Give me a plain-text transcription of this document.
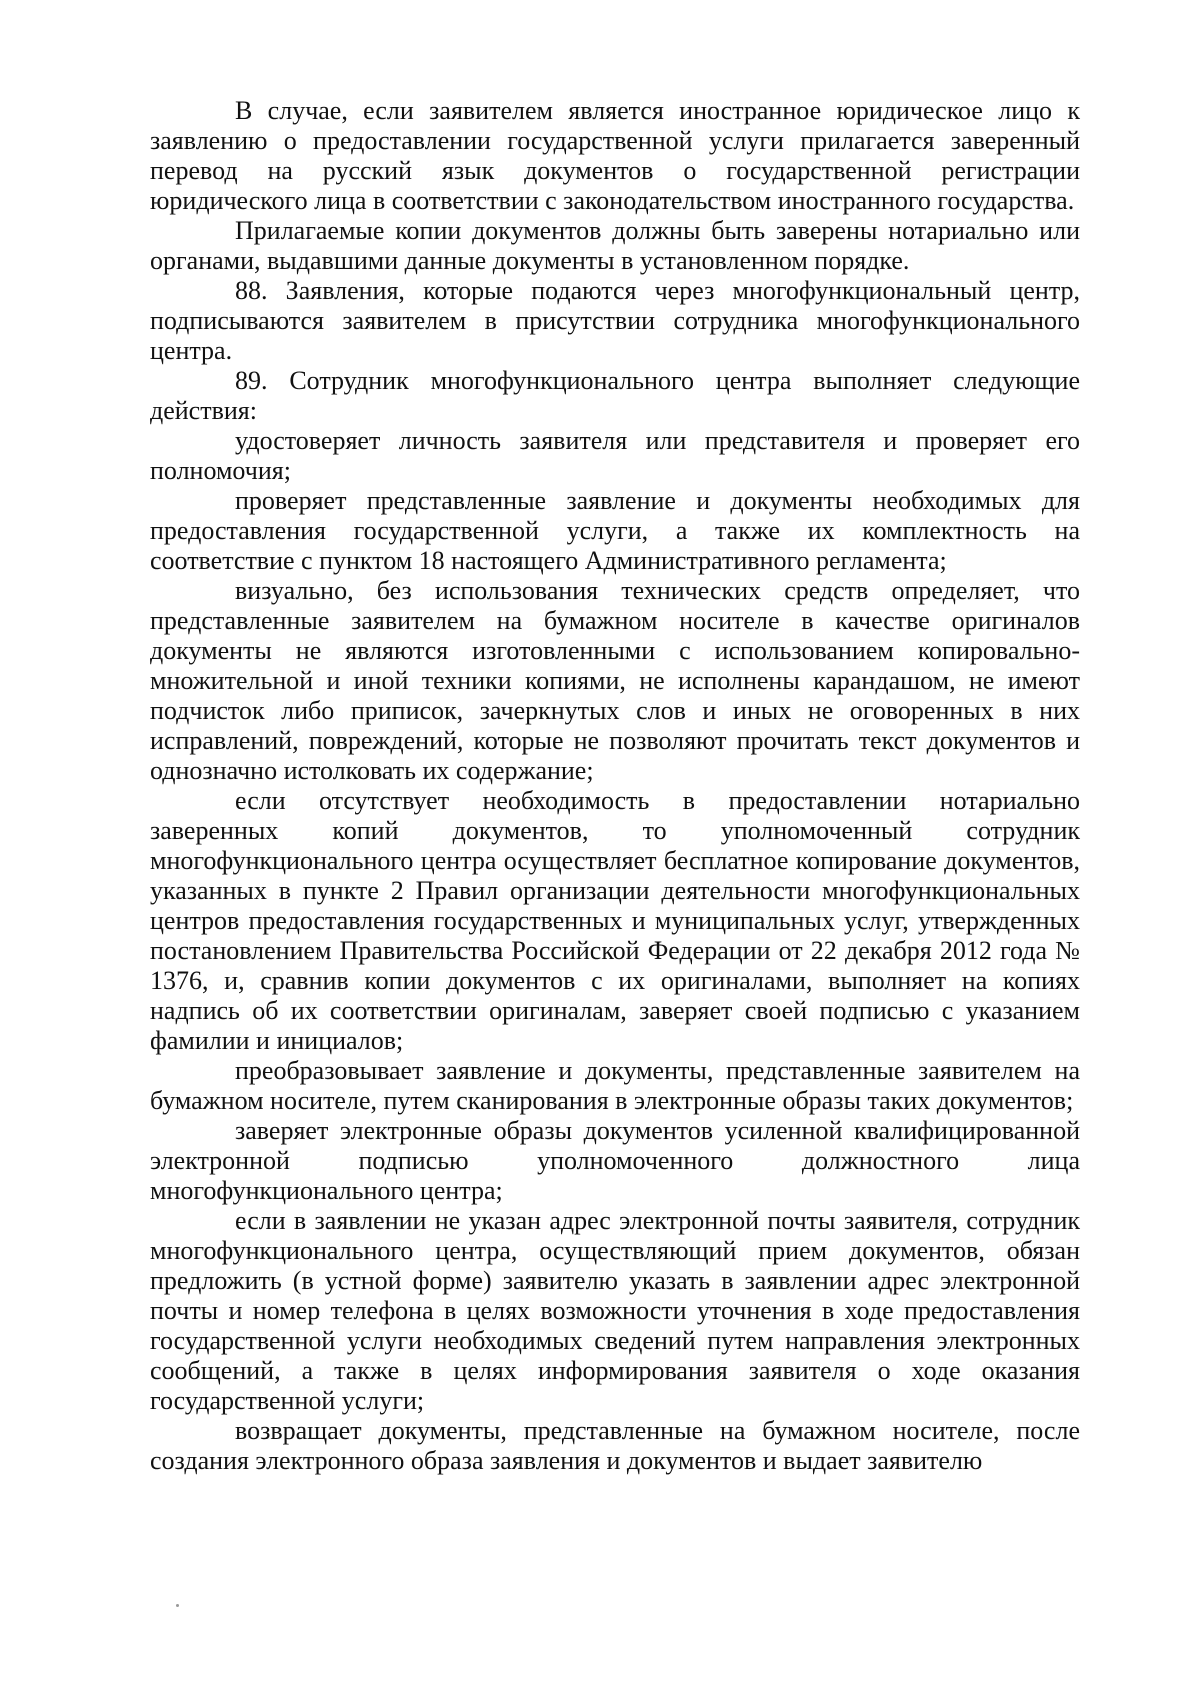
В случае, если заявителем является иностранное юридическое лицо к заявлению о предоставлении государственной услуги прилагается заверенный перевод на русский язык документов о государственной регистрации юридического лица в соответствии с законодательством иностранного государства.

Прилагаемые копии документов должны быть заверены нотариально или органами, выдавшими данные документы в установленном порядке.

88. Заявления, которые подаются через многофункциональный центр, подписываются заявителем в присутствии сотрудника многофункционального центра.

89. Сотрудник многофункционального центра выполняет следующие действия:

удостоверяет личность заявителя или представителя и проверяет его полномочия;

проверяет представленные заявление и документы необходимых для предоставления государственной услуги, а также их комплектность на соответствие с пунктом 18 настоящего Административного регламента;

визуально, без использования технических средств определяет, что представленные заявителем на бумажном носителе в качестве оригиналов документы не являются изготовленными с использованием копировально-множительной и иной техники копиями, не исполнены карандашом, не имеют подчисток либо приписок, зачеркнутых слов и иных не оговоренных в них исправлений, повреждений, которые не позволяют прочитать текст документов и однозначно истолковать их содержание;

если отсутствует необходимость в предоставлении нотариально заверенных копий документов, то уполномоченный сотрудник многофункционального центра осуществляет бесплатное копирование документов, указанных в пункте 2 Правил организации деятельности многофункциональных центров предоставления государственных и муниципальных услуг, утвержденных постановлением Правительства Российской Федерации от 22 декабря 2012 года № 1376, и, сравнив копии документов с их оригиналами, выполняет на копиях надпись об их соответствии оригиналам, заверяет своей подписью с указанием фамилии и инициалов;

преобразовывает заявление и документы, представленные заявителем на бумажном носителе, путем сканирования в электронные образы таких документов;

заверяет электронные образы документов усиленной квалифицированной электронной подписью уполномоченного должностного лица многофункционального центра;

если в заявлении не указан адрес электронной почты заявителя, сотрудник многофункционального центра, осуществляющий прием документов, обязан предложить (в устной форме) заявителю указать в заявлении адрес электронной почты и номер телефона в целях возможности уточнения в ходе предоставления государственной услуги необходимых сведений путем направления электронных сообщений, а также в целях информирования заявителя о ходе оказания государственной услуги;

возвращает документы, представленные на бумажном носителе, после создания электронного образа заявления и документов и выдает заявителю
